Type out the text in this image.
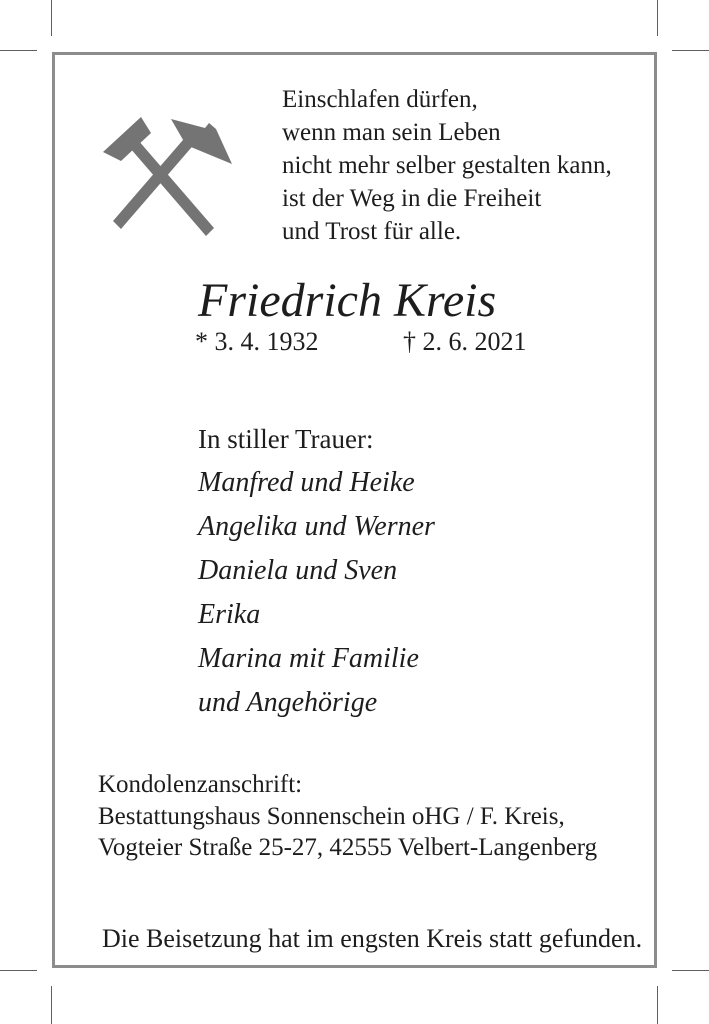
Einschlafen dürfen,
wenn man sein Leben
nicht mehr selber gestalten kann,
ist der Weg in die Freiheit
und Trost für alle.
Friedrich Kreis
* 3. 4. 1932	† 2. 6. 2021
In stiller Trauer:
Manfred und Heike
Angelika und Werner
Daniela und Sven
Erika
Marina mit Familie
und Angehörige
Kondolenzanschrift:
Bestattungshaus Sonnenschein oHG / F. Kreis,
Vogteier Straße 25-27, 42555 Velbert-Langenberg
Die Beisetzung hat im engsten Kreis statt gefunden.
